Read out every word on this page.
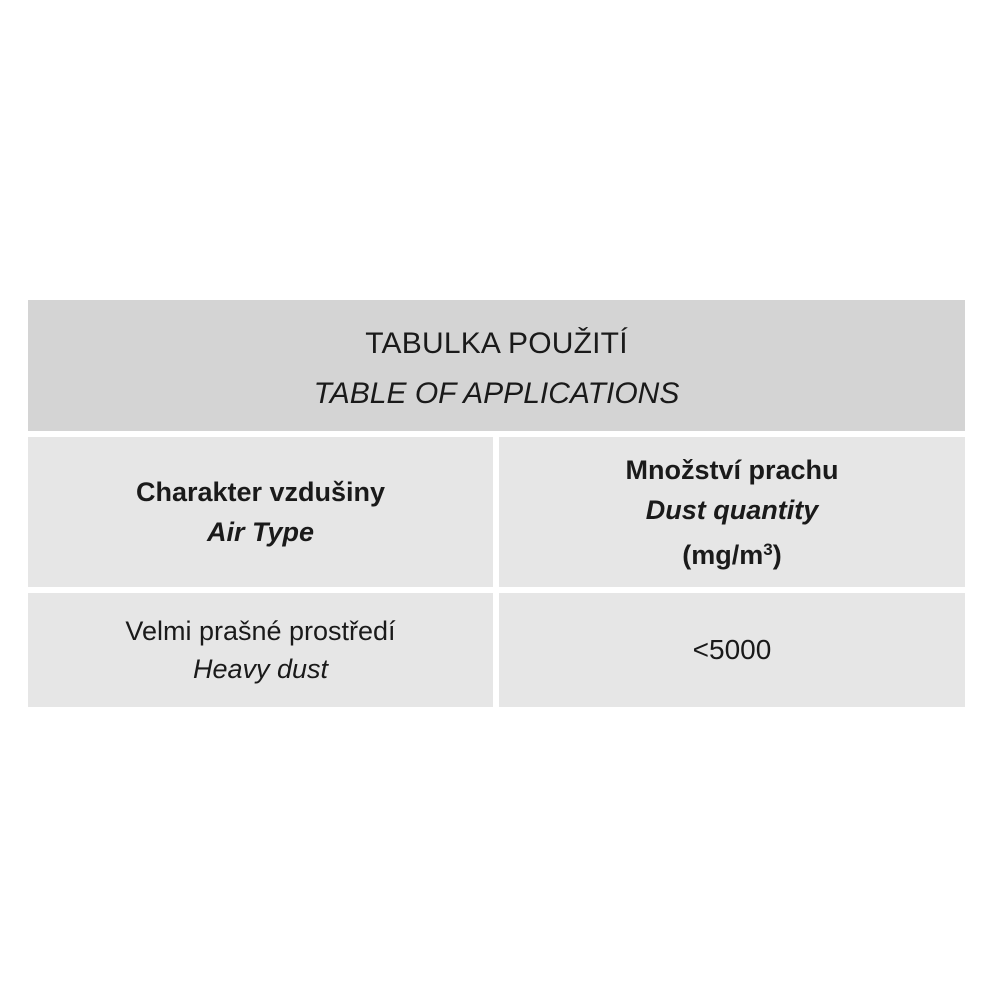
TABULKA POUŽITÍ
TABLE OF APPLICATIONS
Charakter vzdušiny
Air Type
Množství prachu
Dust quantity
$(mg/m^3)$
Velmi prašné prostředí
Heavy dust
<5000
